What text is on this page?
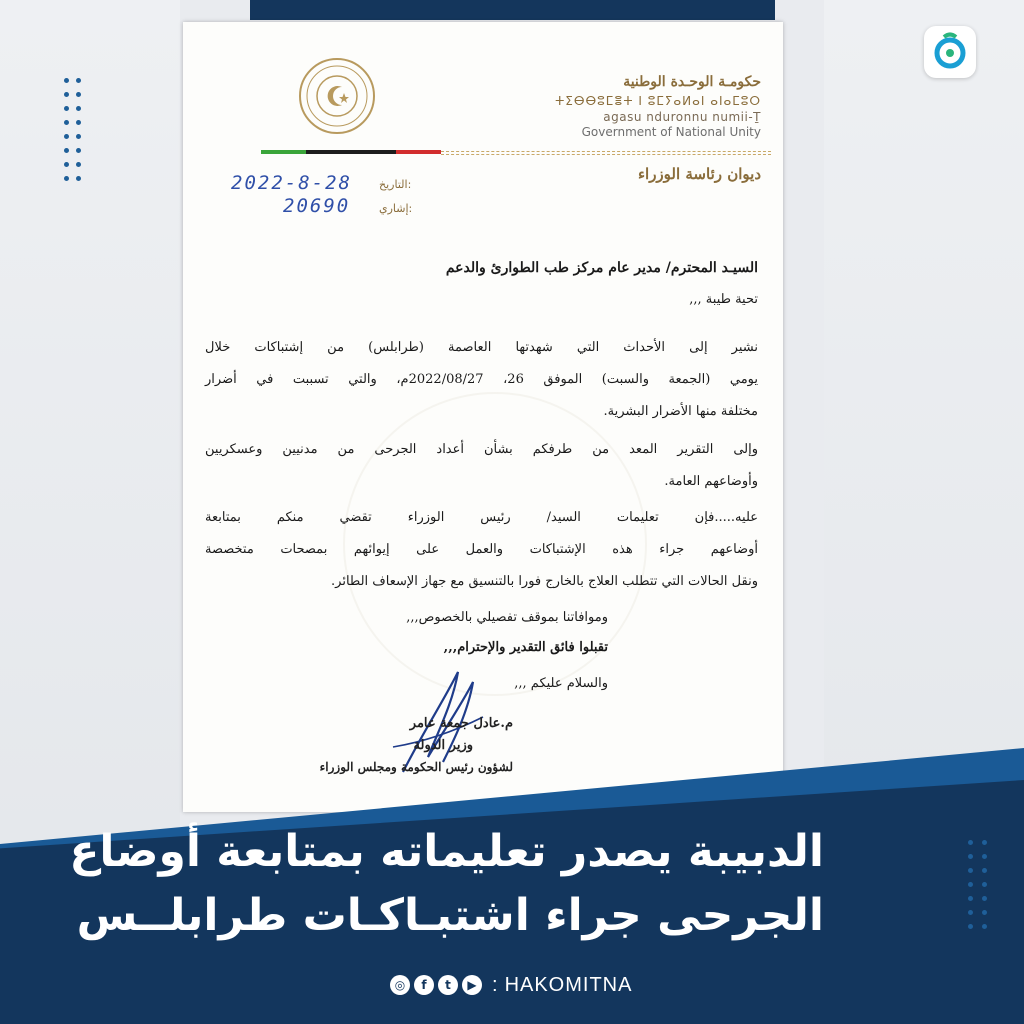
حكومـة الوحـدة الوطنية
ⵜⵉⴱⴱⵓⵎⴻⵜ ⵏ ⵓⵎⵢⴰⵍⴰⵏ ⴰⵏⴰⵎⵓⵔ
agasu nduronnu numii-Ṯ
Government of National Unity
ديوان رئاسة الوزراء
2022-8-28 التاريخ:
20690	إشاري:
السيـد المحترم/ مدير عام مركز طب الطوارئ والدعم
تحية طيبة ,,,
نشير إلى الأحداث التي شهدتها العاصمة (طرابلس) من إشتباكات خلال
يومي (الجمعة والسبت) الموفق 26، 2022/08/27م، والتي تسببت في أضرار
مختلفة منها الأضرار البشرية.
وإلى التقرير المعد من طرفكم بشأن أعداد الجرحى من مدنيين وعسكريين
وأوضاعهم العامة.
عليه.....فإن تعليمات السيد/ رئيس الوزراء تقضي منكم بمتابعة
أوضاعهم جراء هذه الإشتباكات والعمل على إيوائهم بمصحات متخصصة
ونقل الحالات التي تتطلب العلاج بالخارج فورا بالتنسيق مع جهاز الإسعاف الطائر.
وموافاتنا بموقف تفصيلي بالخصوص,,,
تقبلوا فائق التقدير والإحترام,,,
والسلام عليكم ,,,
م.عادل جمعة عامر
وزير الدولة
لشؤون رئيس الحكومة ومجلس الوزراء
الدبيبة يصدر تعليماته بمتابعة أوضاع
الجرحى جراء اشتبـاكـات طرابلــس
◎	f	t	▶ : HAKOMITNA
